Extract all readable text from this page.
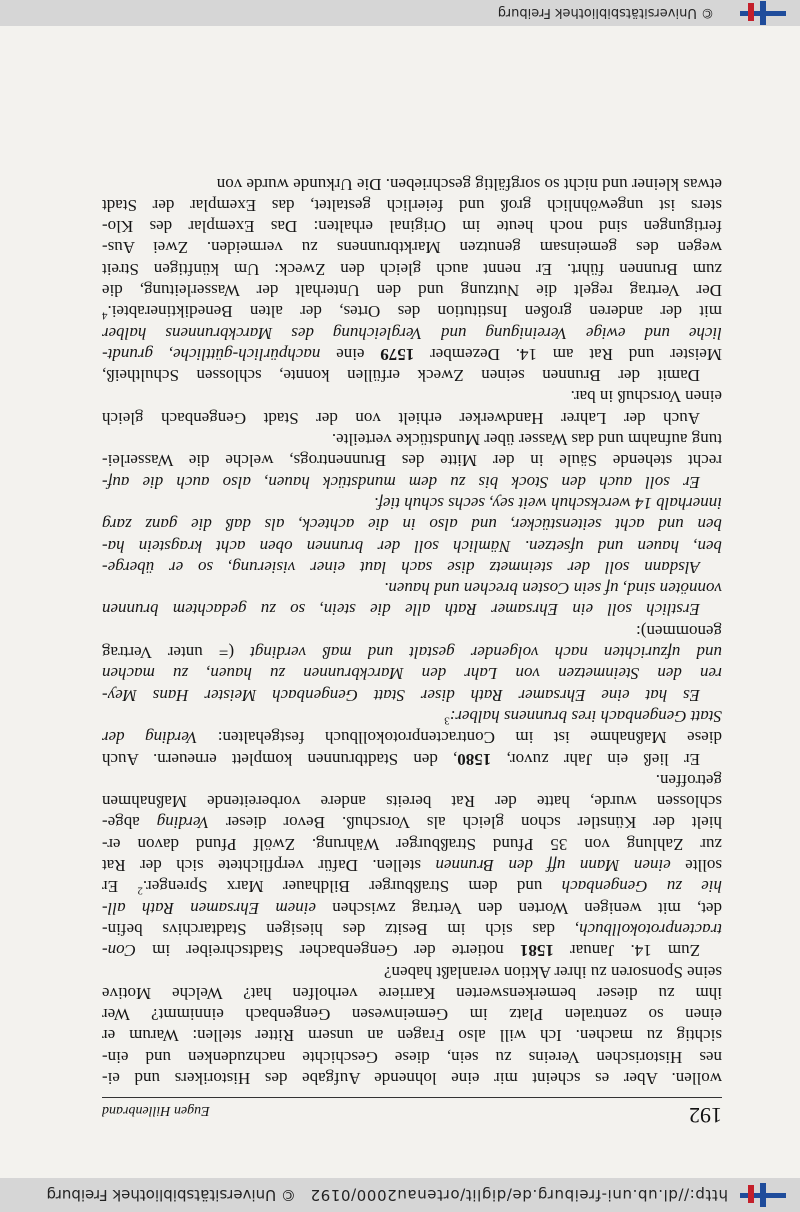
http://dl.ub.uni-freiburg.de/diglit/ortenau2000/0192
© Universitätsbibliothek Freiburg
192
Eugen Hillenbrand
wollen. Aber es scheint mir eine lohnende Aufgabe des Historikers und ei-
nes Historischen Vereins zu sein, diese Geschichte nachzudenken und ein-
sichtig zu machen. Ich will also Fragen an unsern Ritter stellen: Warum er
einen so zentralen Platz im Gemeinwesen Gengenbach einnimmt? Wer
ihm zu dieser bemerkenswerten Karriere verholfen hat? Welche Motive
seine Sponsoren zu ihrer Aktion veranlaßt haben?
Zum 14. Januar 1581 notierte der Gengenbacher Stadtschreiber im Con-
tractenprotokollbuch, das sich im Besitz des hiesigen Stadtarchivs befin-
det, mit wenigen Worten den Vertrag zwischen einem Ehrsamen Rath all-
hie zu Gengenbach und dem Straßburger Bildhauer Marx Sprenger.$^2$ Er
sollte einen Mann uff den Brunnen stellen. Dafür verpflichtete sich der Rat
zur Zahlung von 35 Pfund Straßburger Währung. Zwölf Pfund davon er-
hielt der Künstler schon gleich als Vorschuß. Bevor dieser Verding abge-
schlossen wurde, hatte der Rat bereits andere vorbereitende Maßnahmen
getroffen.
Er ließ ein Jahr zuvor, 1580, den Stadtbrunnen komplett erneuern. Auch
diese Maßnahme ist im Contractenprotokollbuch festgehalten: Verding der
Statt Gengenbach ires brunnens halber:$^3$
Es hat eine Ehrsamer Rath diser Statt Gengenbach Meister Hans Mey-
ren den Steinmetzen von Lahr den Marckbrunnen zu hauen, zu machen
und ufzurichten nach volgender gestalt und maß verdingt (= unter Vertrag
genommen):
Erstlich soll ein Ehrsamer Rath alle die stein, so zu gedachtem brunnen
vonnöten sind, uf sein Costen brechen und hauen.
Alsdann soll der steinmetz dise sach laut einer visierung, so er übergе-
ben, hauen und ufsetzen. Nämlich soll der brunnen oben acht kragstein ha-
ben und acht seitenstücker, und also in die achteck, als daß die ganz zarg
innerhalb 14 werckschuh weit sey, sechs schuh tief.
Er soll auch den Stock bis zu dem mundstück hauen, also auch die auf-
recht stehende Säule in der Mitte des Brunnentrogs, welche die Wasserlei-
tung aufnahm und das Wasser über Mundstücke verteilte.
Auch der Lahrer Handwerker erhielt von der Stadt Gengenbach gleich
einen Vorschuß in bar.
Damit der Brunnen seinen Zweck erfüllen konnte, schlossen Schultheiß,
Meister und Rat am 14. Dezember 1579 eine nachpürlich-güttliche, grundt-
liche und ewige Vereinigung und Vergleichung des Marckbrunnens halber
mit der anderen großen Institution des Ortes, der alten Benediktinerabtei.$^4$
Der Vertrag regelt die Nutzung und den Unterhalt der Wasserleitung, die
zum Brunnen führt. Er nennt auch gleich den Zweck: Um künftigen Streit
wegen des gemeinsam genutzen Marktbrunnens zu vermeiden. Zwei Aus-
fertigungen sind noch heute im Original erhalten: Das Exemplar des Klo-
sters ist ungewöhnlich groß und feierlich gestaltet, das Exemplar der Stadt
etwas kleiner und nicht so sorgfältig geschrieben. Die Urkunde wurde von
© Universitätsbibliothek Freiburg
